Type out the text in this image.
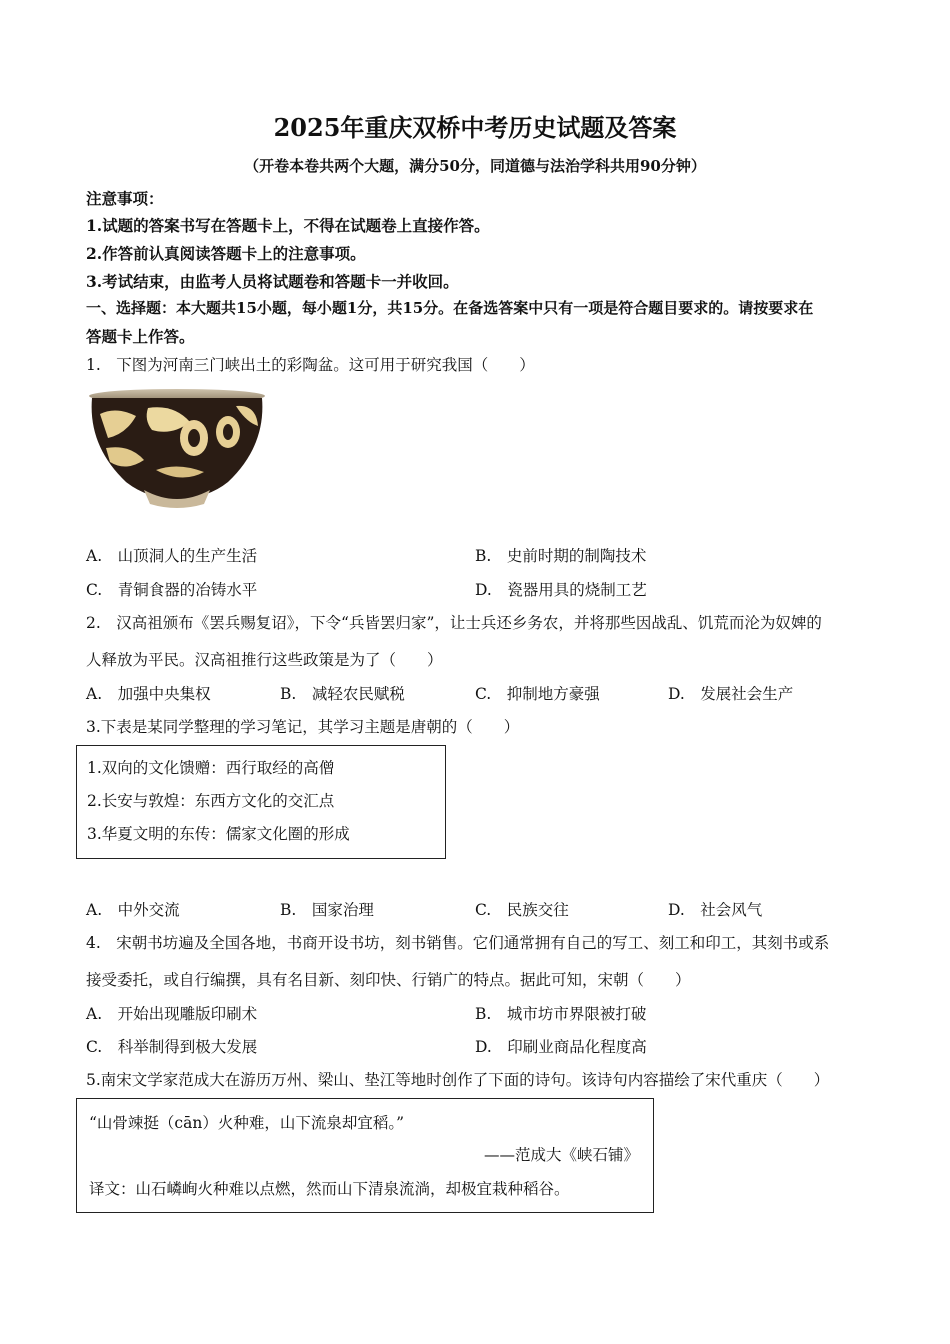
2025年重庆双桥中考历史试题及答案
（开卷本卷共两个大题，满分50分，同道德与法治学科共用90分钟）
注意事项：
1.试题的答案书写在答题卡上，不得在试题卷上直接作答。
2.作答前认真阅读答题卡上的注意事项。
3.考试结束，由监考人员将试题卷和答题卡一并收回。
一、选择题：本大题共15小题，每小题1分，共15分。在备选答案中只有一项是符合题目要求的。请按要求在
答题卡上作答。
1.　下图为河南三门峡出土的彩陶盆。这可用于研究我国（　　）
A.　山顶洞人的生产生活	B.　史前时期的制陶技术
C.　青铜食器的冶铸水平	D.　瓷器用具的烧制工艺
2.　汉高祖颁布《罢兵赐复诏》，下令“兵皆罢归家”，让士兵还乡务农，并将那些因战乱、饥荒而沦为奴婢的
人释放为平民。汉高祖推行这些政策是为了（　　）
A.　加强中央集权	B.　减轻农民赋税	C.　抑制地方豪强	D.　发展社会生产
3.下表是某同学整理的学习笔记，其学习主题是唐朝的（　　）
1.双向的文化馈赠：西行取经的高僧
2.长安与敦煌：东西方文化的交汇点
3.华夏文明的东传：儒家文化圈的形成
A.　中外交流	B.　国家治理	C.　民族交往	D.　社会风气
4.　宋朝书坊遍及全国各地，书商开设书坊，刻书销售。它们通常拥有自己的写工、刻工和印工，其刻书或系
接受委托，或自行编撰，具有名目新、刻印快、行销广的特点。据此可知，宋朝（　　）
A.　开始出现雕版印刷术	B.　城市坊市界限被打破
C.　科举制得到极大发展	D.　印刷业商品化程度高
5.南宋文学家范成大在游历万州、梁山、垫江等地时创作了下面的诗句。该诗句内容描绘了宋代重庆（　　）
“山骨竦挺（cān）火种难，山下流泉却宜稻。”
——范成大《峡石铺》
译文：山石嶙峋火种难以点燃，然而山下清泉流淌，却极宜栽种稻谷。
